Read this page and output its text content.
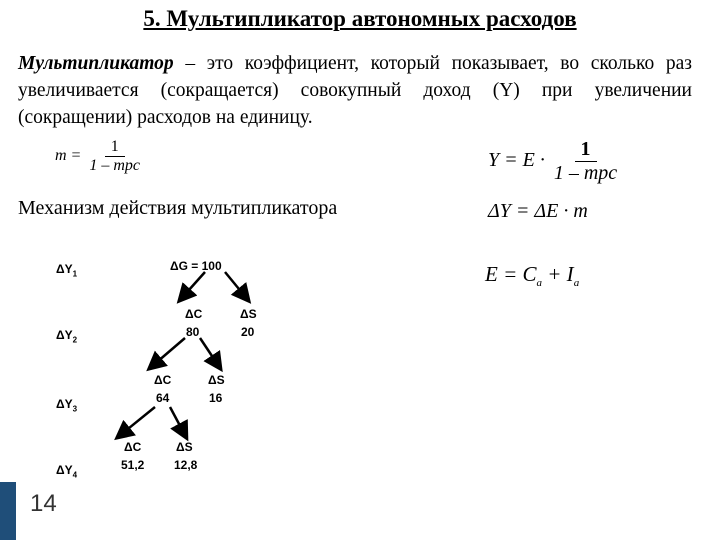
5. Мультипликатор автономных расходов
Мультипликатор – это коэффициент, который показывает, во сколько раз увеличивается (сокращается) совокупный доход (Y) при увеличении (сокращении) расходов на единицу.
$m = \frac{1}{\text{1 – mpc}}$	$Y = E \cdot \frac{1}{\text{1 – mpc}}$
Механизм действия мультипликатора	ΔY = ΔE · m
$E = C_a + I_a$
$\Delta Y_1$
$\Delta Y_2$
$\Delta Y_3$
$\Delta Y_4$
ΔG = 100
ΔC
80
ΔS
20
ΔC
64
ΔS
16
ΔC
51,2
ΔS
12,8
14
